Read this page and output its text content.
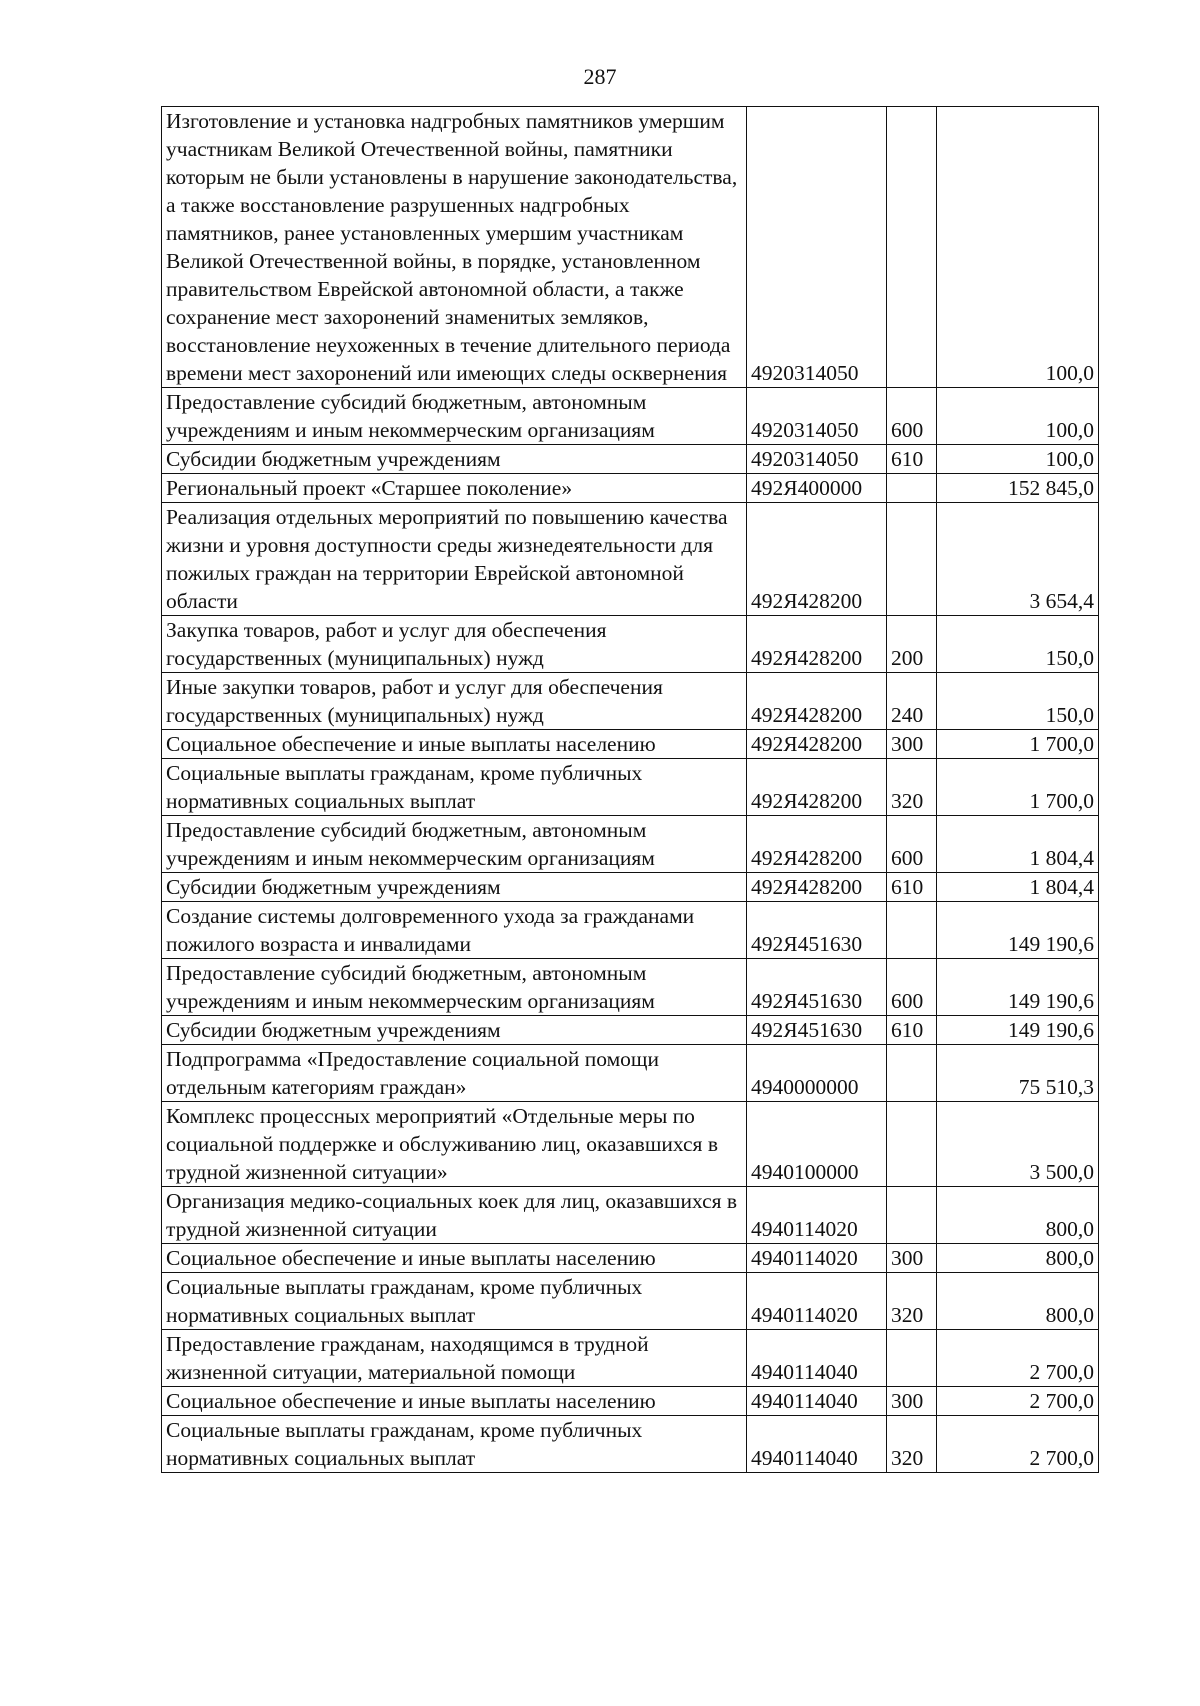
287
Изготовление и установка надгробных памятников умершим участникам Великой Отечественной войны, памятники которым не были установлены в нарушение законодательства, а также восстановление разрушенных надгробных памятников, ранее установленных умершим участникам Великой Отечественной войны, в порядке, установленном правительством Еврейской автономной области, а также сохранение мест захоронений знаменитых земляков, восстановление неухоженных в течение длительного периода времени мест захоронений или имеющих следы осквернения	4920314050		100,0
Предоставление субсидий бюджетным, автономным учреждениям и иным некоммерческим организациям	4920314050	600	100,0
Субсидии бюджетным учреждениям	4920314050	610	100,0
Региональный проект «Старшее поколение»	492Я400000		152 845,0
Реализация отдельных мероприятий по повышению качества жизни и уровня доступности среды жизнедеятельности для пожилых граждан на территории Еврейской автономной области	492Я428200		3 654,4
Закупка товаров, работ и услуг для обеспечения государственных (муниципальных) нужд	492Я428200	200	150,0
Иные закупки товаров, работ и услуг для обеспечения государственных (муниципальных) нужд	492Я428200	240	150,0
Социальное обеспечение и иные выплаты населению	492Я428200	300	1 700,0
Социальные выплаты гражданам, кроме публичных нормативных социальных выплат	492Я428200	320	1 700,0
Предоставление субсидий бюджетным, автономным учреждениям и иным некоммерческим организациям	492Я428200	600	1 804,4
Субсидии бюджетным учреждениям	492Я428200	610	1 804,4
Создание системы долговременного ухода за гражданами пожилого возраста и инвалидами	492Я451630		149 190,6
Предоставление субсидий бюджетным, автономным учреждениям и иным некоммерческим организациям	492Я451630	600	149 190,6
Субсидии бюджетным учреждениям	492Я451630	610	149 190,6
Подпрограмма «Предоставление социальной помощи отдельным категориям граждан»	4940000000		75 510,3
Комплекс процессных мероприятий «Отдельные меры по социальной поддержке и обслуживанию лиц, оказавшихся в трудной жизненной ситуации»	4940100000		3 500,0
Организация медико-социальных коек для лиц, оказавшихся в трудной жизненной ситуации	4940114020		800,0
Социальное обеспечение и иные выплаты населению	4940114020	300	800,0
Социальные выплаты гражданам, кроме публичных нормативных социальных выплат	4940114020	320	800,0
Предоставление гражданам, находящимся в трудной жизненной ситуации, материальной помощи	4940114040		2 700,0
Социальное обеспечение и иные выплаты населению	4940114040	300	2 700,0
Социальные выплаты гражданам, кроме публичных нормативных социальных выплат	4940114040	320	2 700,0
